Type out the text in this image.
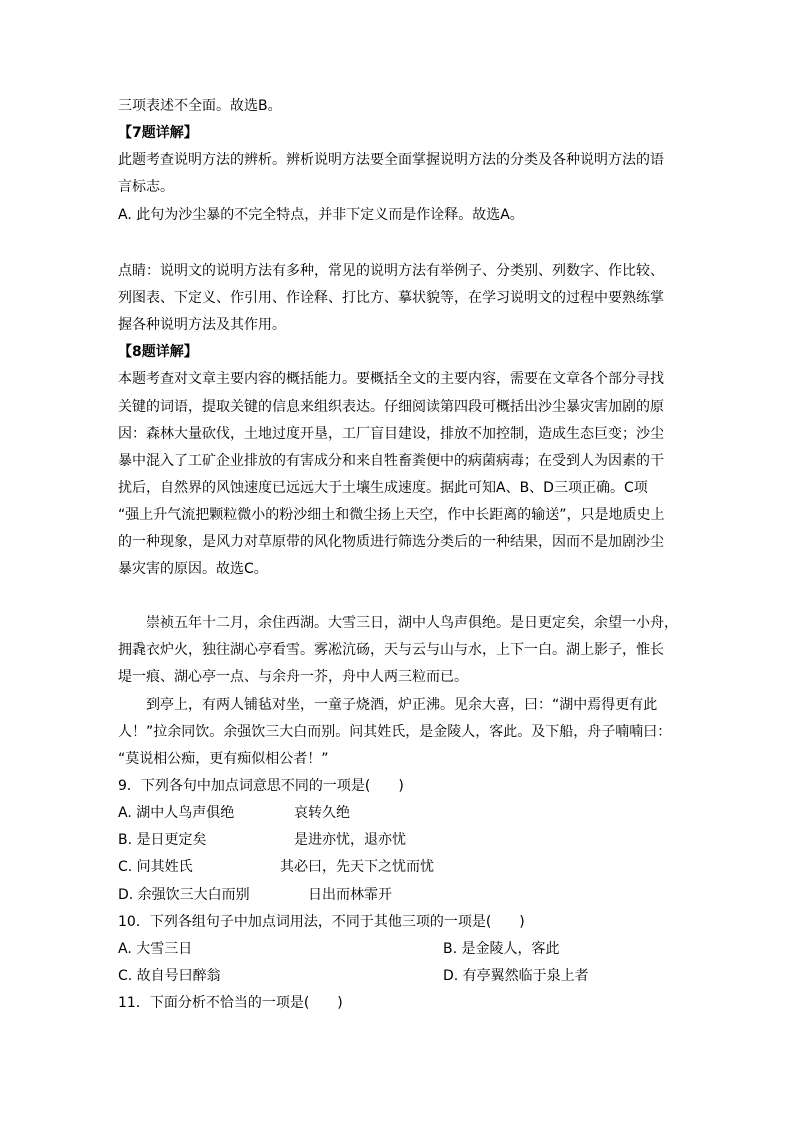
三项表述不全面。故选B。
【7题详解】
此题考查说明方法的辨析。辨析说明方法要全面掌握说明方法的分类及各种说明方法的语
言标志。
A. 此句为沙尘暴的不完全特点，并非下定义而是作诠释。故选A。
点睛：说明文的说明方法有多种，常见的说明方法有举例子、分类别、列数字、作比较、
列图表、下定义、作引用、作诠释、打比方、摹状貌等，在学习说明文的过程中要熟练掌
握各种说明方法及其作用。
【8题详解】
本题考查对文章主要内容的概括能力。要概括全文的主要内容，需要在文章各个部分寻找
关键的词语，提取关键的信息来组织表达。仔细阅读第四段可概括出沙尘暴灾害加剧的原
因：森林大量砍伐，土地过度开垦，工厂盲目建设，排放不加控制，造成生态巨变；沙尘
暴中混入了工矿企业排放的有害成分和来自牲畜粪便中的病菌病毒；在受到人为因素的干
扰后，自然界的风蚀速度已远远大于土壤生成速度。据此可知A、B、D三项正确。C项
“强上升气流把颗粒微小的粉沙细土和微尘扬上天空，作中长距离的输送”，只是地质史上
的一种现象，是风力对草原带的风化物质进行筛选分类后的一种结果，因而不是加剧沙尘
暴灾害的原因。故选C。
崇祯五年十二月，余住西湖。大雪三日，湖中人鸟声俱绝。是日更定矣，余望一小舟，
拥毳衣炉火，独往湖心亭看雪。雾凇沆砀，天与云与山与水，上下一白。湖上影子，惟长
堤一痕、湖心亭一点、与余舟一芥，舟中人两三粒而已。
到亭上，有两人铺毡对坐，一童子烧酒，炉正沸。见余大喜，曰：“湖中焉得更有此
人！”拉余同饮。余强饮三大白而别。问其姓氏，是金陵人，客此。及下船，舟子喃喃曰：
“莫说相公痴，更有痴似相公者！”
9．下列各句中加点词意思不同的一项是(　　)
A. 湖中人鸟声俱绝	哀转久绝
B. 是日更定矣	是进亦忧，退亦忧
C. 问其姓氏	其必曰，先天下之忧而忧
D. 余强饮三大白而别	日出而林霏开
10．下列各组句子中加点词用法，不同于其他三项的一项是(　　)
A. 大雪三日	B. 是金陵人，客此
C. 故自号曰醉翁	D. 有亭翼然临于泉上者
11．下面分析不恰当的一项是(　　)
